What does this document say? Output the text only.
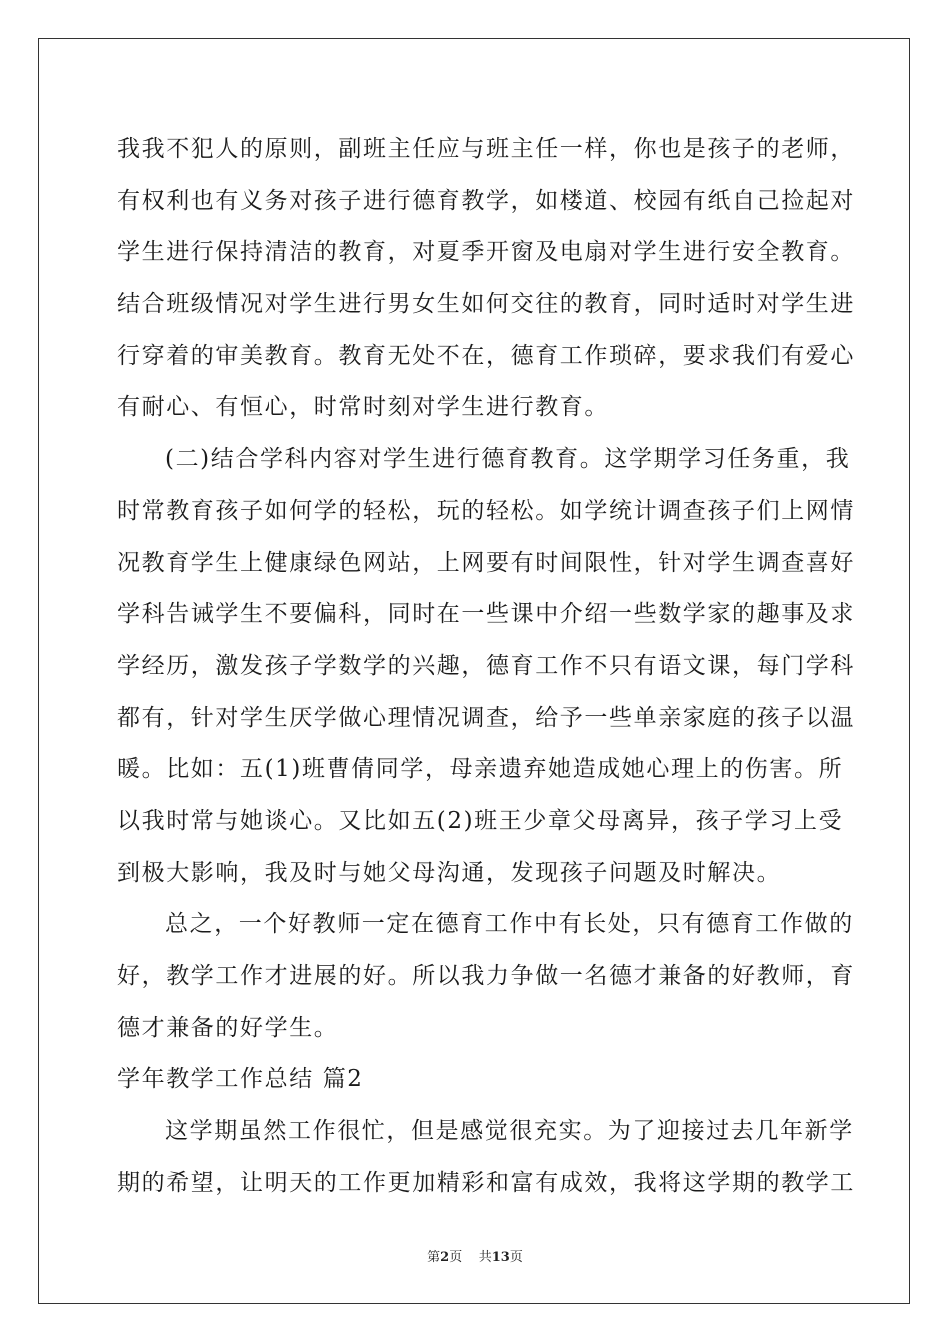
我我不犯人的原则，副班主任应与班主任一样，你也是孩子的老师，
有权利也有义务对孩子进行德育教学，如楼道、校园有纸自己捡起对
学生进行保持清洁的教育，对夏季开窗及电扇对学生进行安全教育。
结合班级情况对学生进行男女生如何交往的教育，同时适时对学生进
行穿着的审美教育。教育无处不在，德育工作琐碎，要求我们有爱心
有耐心、有恒心，时常时刻对学生进行教育。
(二)结合学科内容对学生进行德育教育。这学期学习任务重，我
时常教育孩子如何学的轻松，玩的轻松。如学统计调查孩子们上网情
况教育学生上健康绿色网站，上网要有时间限性，针对学生调查喜好
学科告诫学生不要偏科，同时在一些课中介绍一些数学家的趣事及求
学经历，激发孩子学数学的兴趣，德育工作不只有语文课，每门学科
都有，针对学生厌学做心理情况调查，给予一些单亲家庭的孩子以温
暖。比如：五(1)班曹倩同学，母亲遗弃她造成她心理上的伤害。所
以我时常与她谈心。又比如五(2)班王少章父母离异，孩子学习上受
到极大影响，我及时与她父母沟通，发现孩子问题及时解决。
总之，一个好教师一定在德育工作中有长处，只有德育工作做的
好，教学工作才进展的好。所以我力争做一名德才兼备的好教师，育
德才兼备的好学生。
学年教学工作总结 篇2
这学期虽然工作很忙，但是感觉很充实。为了迎接过去几年新学
期的希望，让明天的工作更加精彩和富有成效，我将这学期的教学工
第2页 共13页
